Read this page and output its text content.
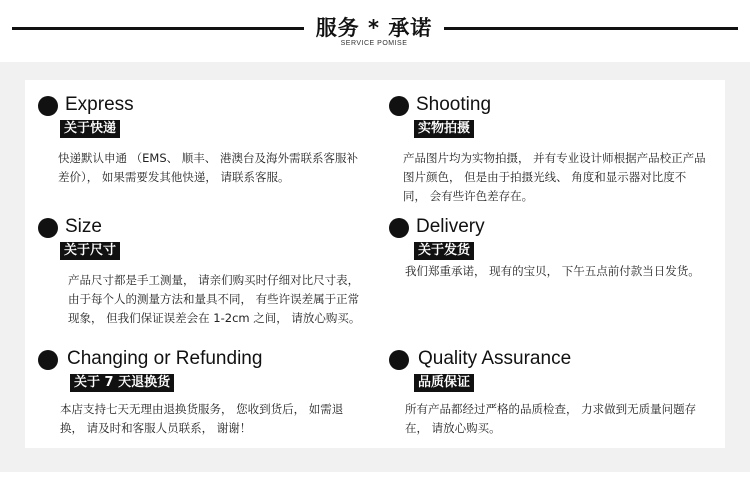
服务 * 承诺
SERVICE POMISE
Express
关于快递
快递默认申通 （EMS、 顺丰、 港澳台及海外需联系客服补差价）， 如果需要发其他快递， 请联系客服。
Shooting
实物拍摄
产品图片均为实物拍摄， 并有专业设计师根据产品校正产品图片颜色， 但是由于拍摄光线、 角度和显示器对比度不同， 会有些许色差存在。
Size
关于尺寸
产品尺寸都是手工测量， 请亲们购买时仔细对比尺寸表， 由于每个人的测量方法和量具不同， 有些许误差属于正常现象， 但我们保证误差会在 1-2cm 之间， 请放心购买。
Delivery
关于发货
我们郑重承诺， 现有的宝贝， 下午五点前付款当日发货。
Changing or Refunding
关于 7 天退换货
本店支持七天无理由退换货服务， 您收到货后， 如需退换， 请及时和客服人员联系， 谢谢！
Quality Assurance
品质保证
所有产品都经过严格的品质检查， 力求做到无质量问题存在， 请放心购买。
